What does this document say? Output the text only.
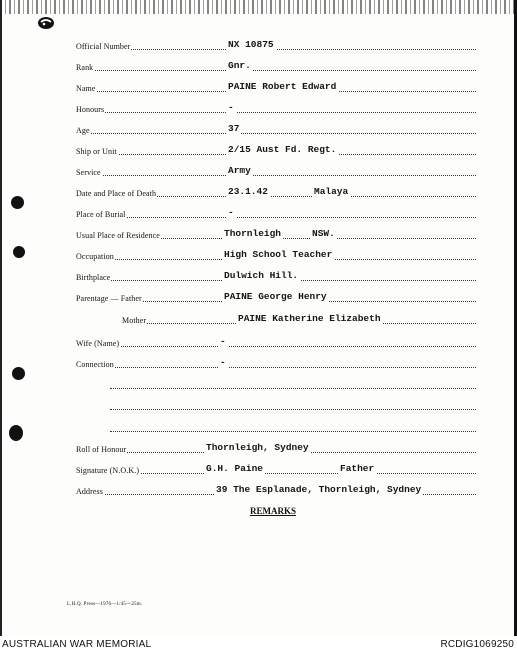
Official Number	NX 10875
Rank	Gnr.
Name	PAINE Robert Edward
Honours	-
Age	37
Ship or Unit	2/15 Aust Fd. Regt.
Service	Army
Date and Place of Death	23.1.42	Malaya
Place of Burial	-
Usual Place of Residence	Thornleigh	NSW.
Occupation	High School Teacher
Birthplace	Dulwich Hill.
Parentage — Father	PAINE George Henry
Mother	PAINE Katherine Elizabeth
Wife (Name)	-
Connection	-
Roll of Honour	Thornleigh, Sydney
Signature (N.O.K.)	G.H. Paine	Father
Address	39 The Esplanade, Thornleigh, Sydney
REMARKS
L.H.Q. Press—1976—1/45—25m.
AUSTRALIAN WAR MEMORIAL	RCDIG1069250
